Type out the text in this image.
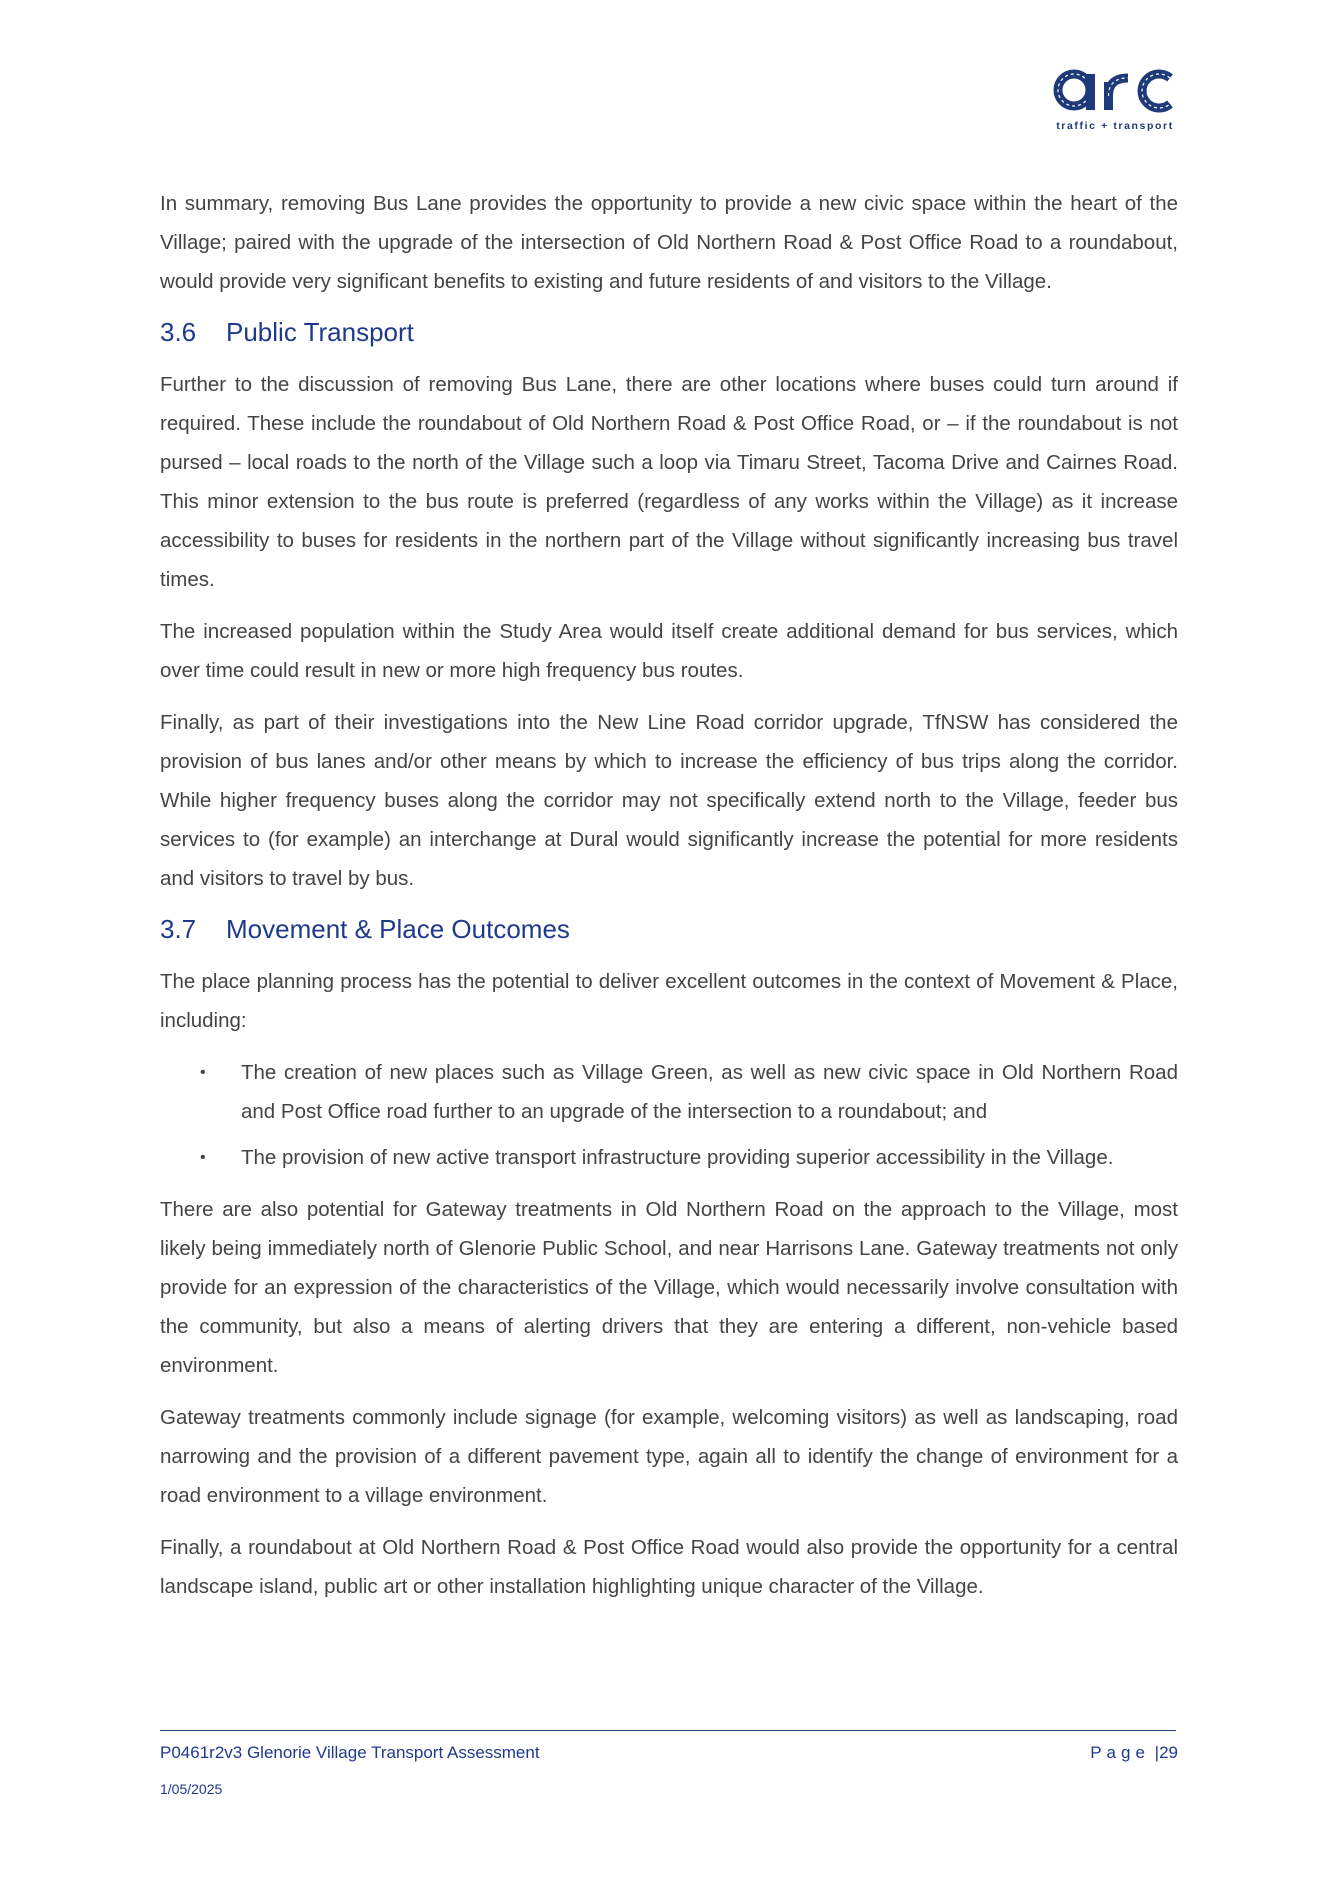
traffic + transport

In summary, removing Bus Lane provides the opportunity to provide a new civic space within the heart of the Village; paired with the upgrade of the intersection of Old Northern Road & Post Office Road to a roundabout, would provide very significant benefits to existing and future residents of and visitors to the Village.

3.6 Public Transport

Further to the discussion of removing Bus Lane, there are other locations where buses could turn around if required. These include the roundabout of Old Northern Road & Post Office Road, or – if the roundabout is not pursed – local roads to the north of the Village such a loop via Timaru Street, Tacoma Drive and Cairnes Road. This minor extension to the bus route is preferred (regardless of any works within the Village) as it increase accessibility to buses for residents in the northern part of the Village without significantly increasing bus travel times.

The increased population within the Study Area would itself create additional demand for bus services, which over time could result in new or more high frequency bus routes.

Finally, as part of their investigations into the New Line Road corridor upgrade, TfNSW has considered the provision of bus lanes and/or other means by which to increase the efficiency of bus trips along the corridor. While higher frequency buses along the corridor may not specifically extend north to the Village, feeder bus services to (for example) an interchange at Dural would significantly increase the potential for more residents and visitors to travel by bus.

3.7 Movement & Place Outcomes

The place planning process has the potential to deliver excellent outcomes in the context of Movement & Place, including:

• The creation of new places such as Village Green, as well as new civic space in Old Northern Road and Post Office road further to an upgrade of the intersection to a roundabout; and
• The provision of new active transport infrastructure providing superior accessibility in the Village.

There are also potential for Gateway treatments in Old Northern Road on the approach to the Village, most likely being immediately north of Glenorie Public School, and near Harrisons Lane. Gateway treatments not only provide for an expression of the characteristics of the Village, which would necessarily involve consultation with the community, but also a means of alerting drivers that they are entering a different, non-vehicle based environment.

Gateway treatments commonly include signage (for example, welcoming visitors) as well as landscaping, road narrowing and the provision of a different pavement type, again all to identify the change of environment for a road environment to a village environment.

Finally, a roundabout at Old Northern Road & Post Office Road would also provide the opportunity for a central landscape island, public art or other installation highlighting unique character of the Village.

P0461r2v3 Glenorie Village Transport Assessment
1/05/2025
Page |29
